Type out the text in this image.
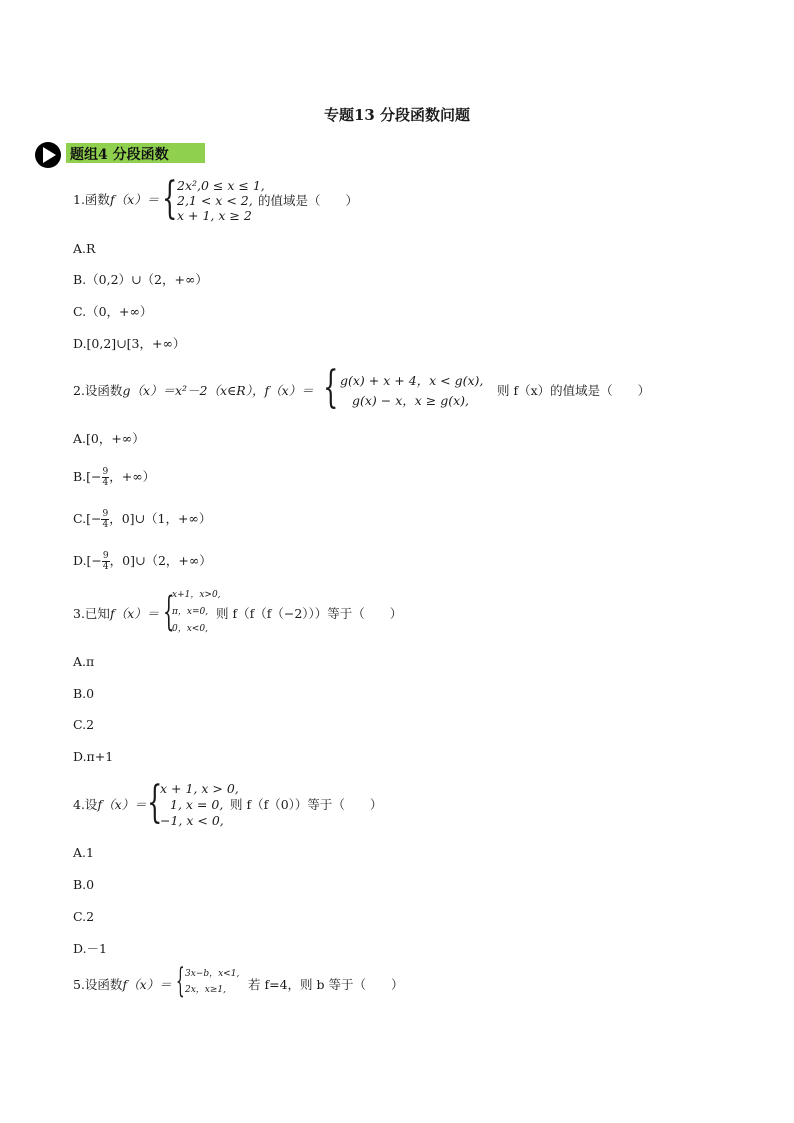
专题13 分段函数问题
题组4 分段函数
1.函数f（x）＝ { 2x²,0 ≤ x ≤ 1,
2,1 < x < 2,
x + 1, x ≥ 2
的值域是（　　）
A.R
B.（0,2）∪（2，+∞）
C.（0，+∞）
D.[0,2]∪[3，+∞）
2.设函数g（x）＝x²－2（x∈R），f（x）＝ { g(x) + x + 4，x < g(x),
g(x) − x，x ≥ g(x),
则 f（x）的值域是（　　）
A.[0，+∞）
$B.[- \frac{9}{4}$ ，+∞）
$C.[- \frac{9}{4}$ ，0]∪（1，+∞）
$D.[- \frac{9}{4}$ ，0]∪（2，+∞）
3.已知f（x）＝ {
x+1，x>0,
π，x=0,
0，x<0,
则 f（f（f（−2）））等于（　　）
A.π
B.0
C.2
D.π+1
4.设f（x）＝ {
x + 1, x > 0,
1, x = 0,
−1, x < 0,
则 f（f（0））等于（　　）
A.1
B.0
C.2
D.－1
5.设函数f（x）＝ { 3x−b，x<1,
2x，x≥1, 若 f=4，则 b 等于（　　）
